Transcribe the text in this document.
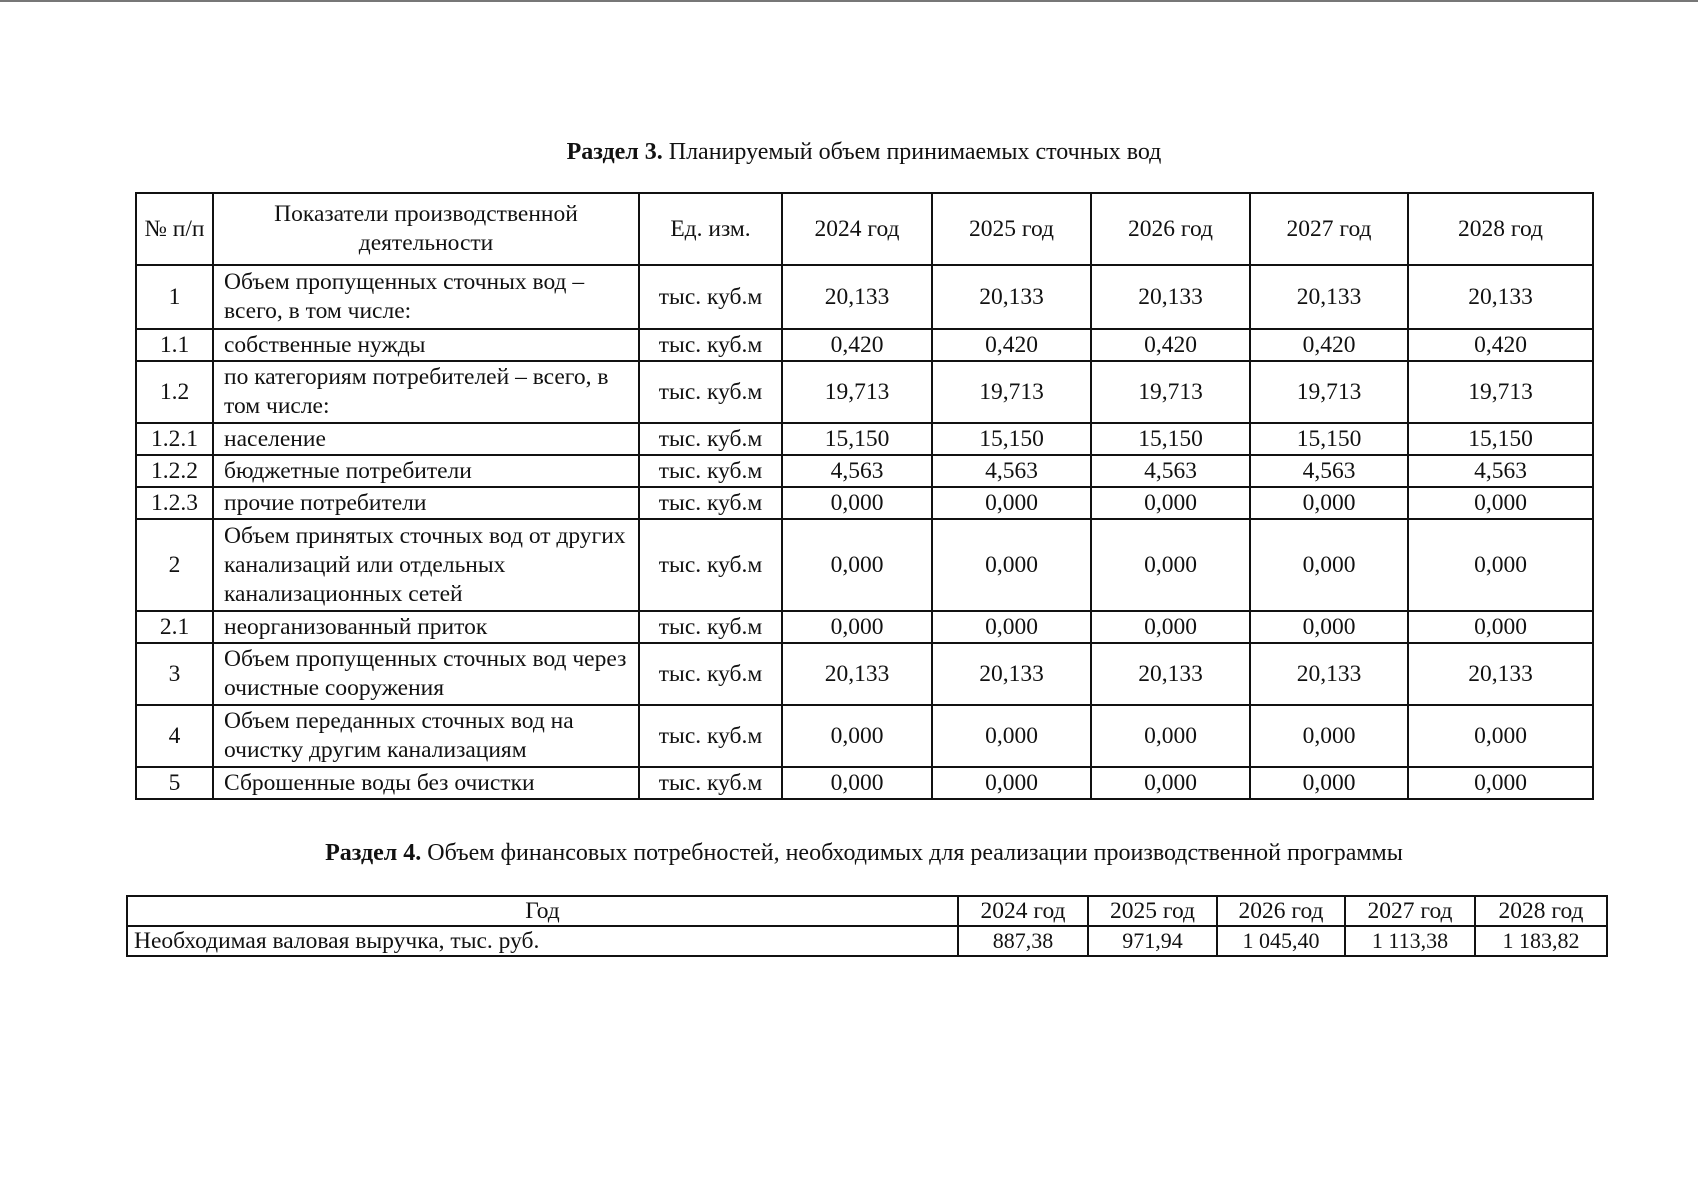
Раздел 3. Планируемый объем принимаемых сточных вод
№ п/п	Показатели производственной деятельности	Ед. изм.	2024 год	2025 год	2026 год	2027 год	2028 год
1	Объем пропущенных сточных вод – всего, в том числе:	тыс. куб.м	20,133	20,133	20,133	20,133	20,133
1.1	собственные нужды	тыс. куб.м	0,420	0,420	0,420	0,420	0,420
1.2	по категориям потребителей – всего, в том числе:	тыс. куб.м	19,713	19,713	19,713	19,713	19,713
1.2.1	население	тыс. куб.м	15,150	15,150	15,150	15,150	15,150
1.2.2	бюджетные потребители	тыс. куб.м	4,563	4,563	4,563	4,563	4,563
1.2.3	прочие потребители	тыс. куб.м	0,000	0,000	0,000	0,000	0,000
2	Объем принятых сточных вод от других канализаций или отдельных канализационных сетей	тыс. куб.м	0,000	0,000	0,000	0,000	0,000
2.1	неорганизованный приток	тыс. куб.м	0,000	0,000	0,000	0,000	0,000
3	Объем пропущенных сточных вод через очистные сооружения	тыс. куб.м	20,133	20,133	20,133	20,133	20,133
4	Объем переданных сточных вод на очистку другим канализациям	тыс. куб.м	0,000	0,000	0,000	0,000	0,000
5	Сброшенные воды без очистки	тыс. куб.м	0,000	0,000	0,000	0,000	0,000
Раздел 4. Объем финансовых потребностей, необходимых для реализации производственной программы
Год	2024 год	2025 год	2026 год	2027 год	2028 год
Необходимая валовая выручка, тыс. руб.	887,38	971,94	1 045,40	1 113,38	1 183,82
